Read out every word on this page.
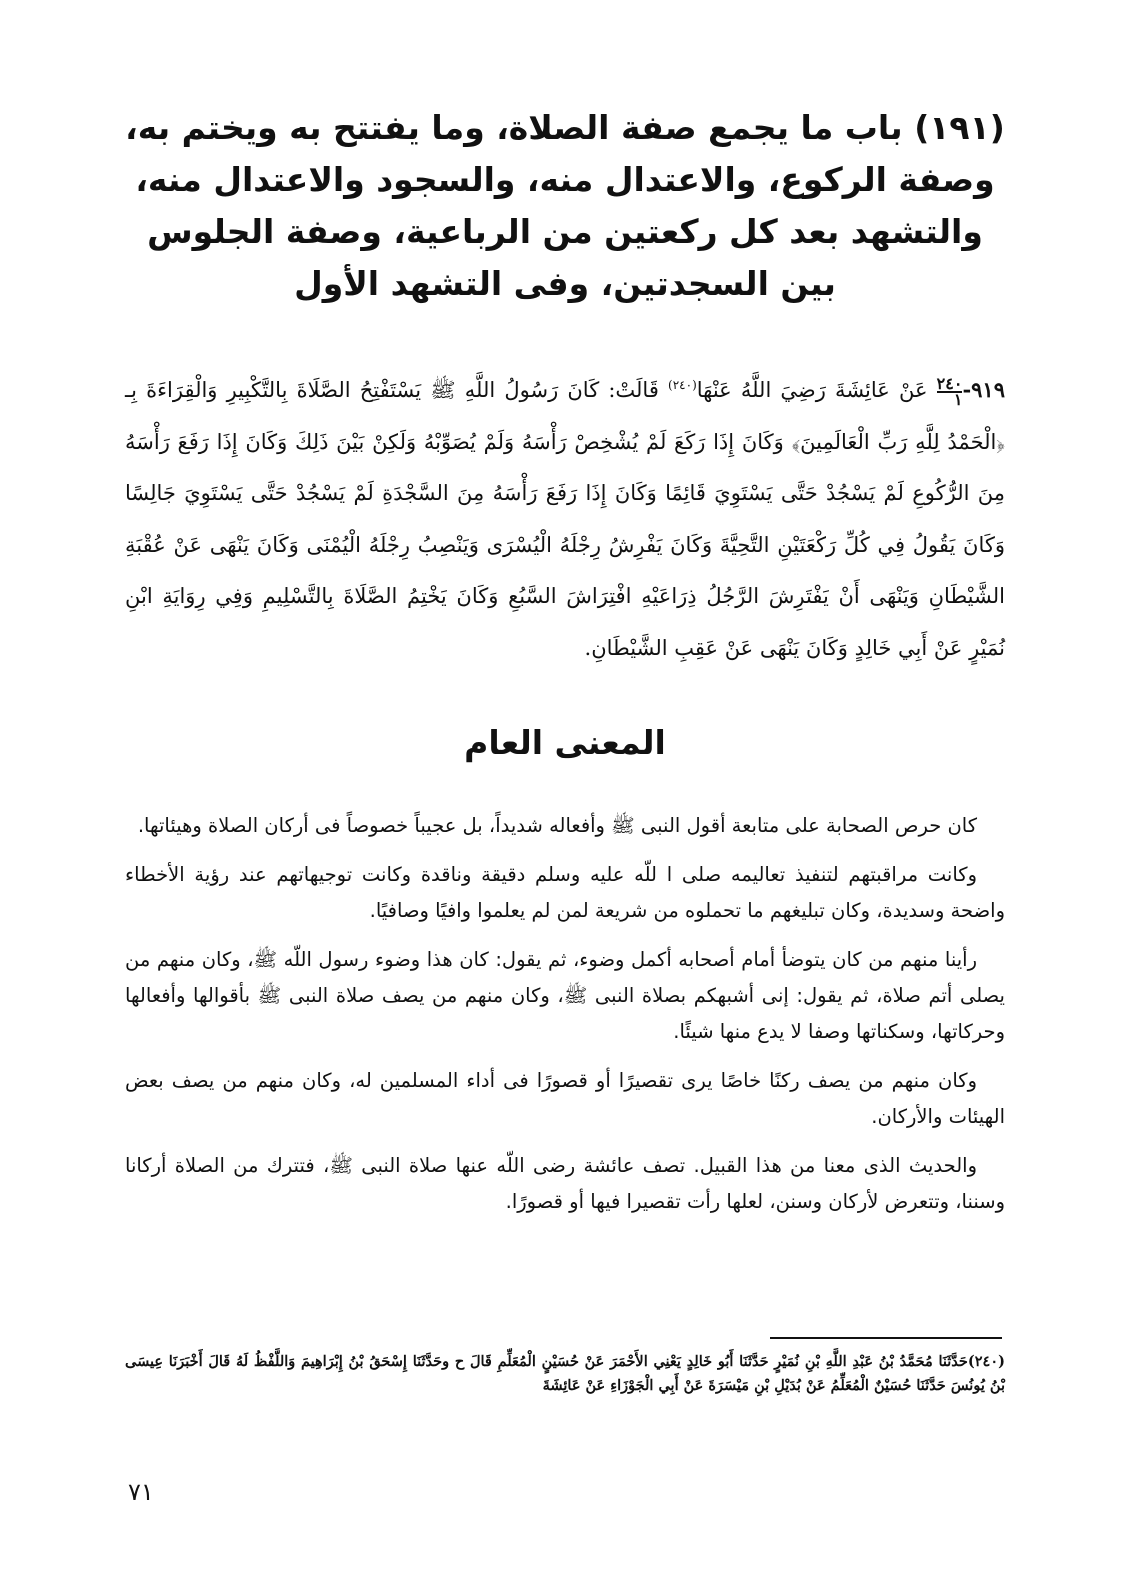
(١٩١) باب ما يجمع صفة الصلاة، وما يفتتح به ويختم به،
وصفة الركوع، والاعتدال منه، والسجود والاعتدال منه،
والتشهد بعد كل ركعتين من الرباعية، وصفة الجلوس
بين السجدتين، وفى التشهد الأول
٩١٩-
$\frac{٢٤٠}{١}$
عَنْ عَائِشَةَ رَضِيَ اللَّهُ عَنْهَا$^{(٢٤٠)}$ قَالَتْ: كَانَ رَسُولُ اللَّهِ ﷺ يَسْتَفْتِحُ الصَّلَاةَ بِالتَّكْبِيرِ وَالْقِرَاءَةَ بِـ ﴿الْحَمْدُ لِلَّهِ رَبِّ الْعَالَمِينَ﴾ وَكَانَ إِذَا رَكَعَ لَمْ يُشْخِصْ رَأْسَهُ وَلَمْ يُصَوِّبْهُ وَلَكِنْ بَيْنَ ذَلِكَ وَكَانَ إِذَا رَفَعَ رَأْسَهُ مِنَ الرُّكُوعِ لَمْ يَسْجُدْ حَتَّى يَسْتَوِيَ قَائِمًا وَكَانَ إِذَا رَفَعَ رَأْسَهُ مِنَ السَّجْدَةِ لَمْ يَسْجُدْ حَتَّى يَسْتَوِيَ جَالِسًا وَكَانَ يَقُولُ فِي كُلِّ رَكْعَتَيْنِ التَّحِيَّةَ وَكَانَ يَفْرِشُ رِجْلَهُ الْيُسْرَى وَيَنْصِبُ رِجْلَهُ الْيُمْنَى وَكَانَ يَنْهَى عَنْ عُقْبَةِ الشَّيْطَانِ وَيَنْهَى أَنْ يَفْتَرِشَ الرَّجُلُ ذِرَاعَيْهِ افْتِرَاشَ السَّبُعِ وَكَانَ يَخْتِمُ الصَّلَاةَ بِالتَّسْلِيمِ وَفِي رِوَايَةِ ابْنِ نُمَيْرٍ عَنْ أَبِي خَالِدٍ وَكَانَ يَنْهَى عَنْ عَقِبِ الشَّيْطَانِ.
المعنى العام

كان حرص الصحابة على متابعة أقول النبى ﷺ وأفعاله شديداً، بل عجيباً خصوصاً فى أركان الصلاة وهيئاتها.

وكانت مراقبتهم لتنفيذ تعاليمه صلى ا للّه عليه وسلم دقيقة وناقدة وكانت توجيهاتهم عند رؤية الأخطاء واضحة وسديدة، وكان تبليغهم ما تحملوه من شريعة لمن لم يعلموا وافيًا وصافيًا.

رأينا منهم من كان يتوضأ أمام أصحابه أكمل وضوء، ثم يقول: كان هذا وضوء رسول اللّه ﷺ، وكان منهم من يصلى أتم صلاة، ثم يقول: إنى أشبهكم بصلاة النبى ﷺ، وكان منهم من يصف صلاة النبى ﷺ بأقوالها وأفعالها وحركاتها، وسكناتها وصفا لا يدع منها شيئًا.

وكان منهم من يصف ركنًا خاصًا يرى تقصيرًا أو قصورًا فى أداء المسلمين له، وكان منهم من يصف بعض الهيئات والأركان.

والحديث الذى معنا من هذا القبيل. تصف عائشة رضى اللّه عنها صلاة النبى ﷺ، فتترك من الصلاة أركانا وسننا، وتتعرض لأركان وسنن، لعلها رأت تقصيرا فيها أو قصورًا.

(٢٤٠)حَدَّثَنَا مُحَمَّدُ بْنُ عَبْدِ اللَّهِ بْنِ نُمَيْرٍ حَدَّثَنَا أَبُو خَالِدٍ يَعْنِي الأَحْمَرَ عَنْ حُسَيْنٍ الْمُعَلِّمِ قَالَ ح وحَدَّثَنَا إِسْحَقُ بْنُ إِبْرَاهِيمَ وَاللَّفْظُ لَهُ قَالَ أَخْبَرَنَا عِيسَى بْنُ يُونُسَ حَدَّثَنَا حُسَيْنٌ الْمُعَلِّمُ عَنْ بُدَيْلِ بْنِ مَيْسَرَةَ عَنْ أَبِي الْجَوْزَاءِ عَنْ عَائِشَةَ
٧١
